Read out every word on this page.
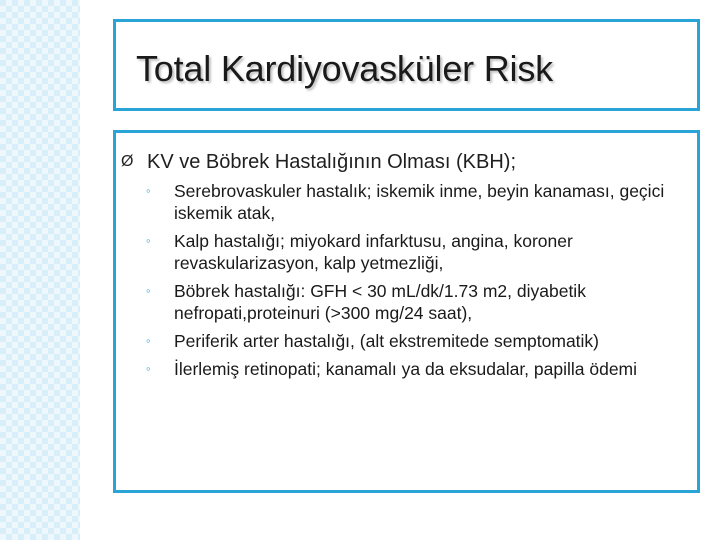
Total Kardiyovasküler Risk
Ø KV ve Böbrek Hastalığının Olması (KBH);
◦	Serebrovaskuler hastalık; iskemik inme, beyin kanaması, geçici iskemik atak,
◦	Kalp hastalığı; miyokard infarktusu, angina, koroner revaskularizasyon, kalp yetmezliği,
◦	Böbrek hastalığı: GFH < 30 mL/dk/1.73 m2, diyabetik nefropati,proteinuri (>300 mg/24 saat),
◦	Periferik arter hastalığı, (alt ekstremitede semptomatik)
◦	İlerlemiş retinopati; kanamalı ya da eksudalar, papilla ödemi
